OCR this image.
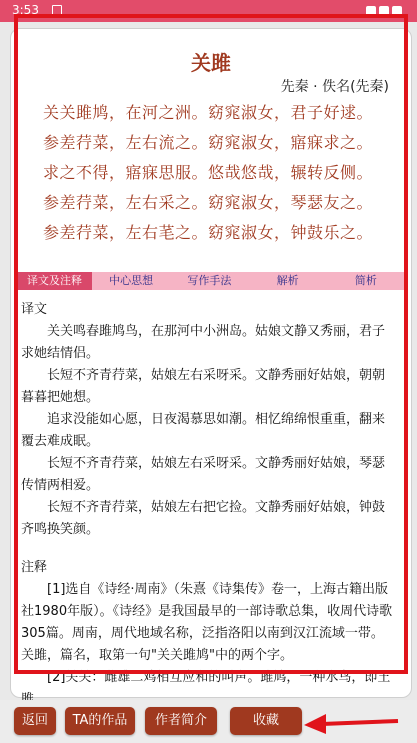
3:53
关雎
先秦 · 佚名(先秦)
关关雎鸠，在河之洲。窈窕淑女，君子好逑。
参差荇菜，左右流之。窈窕淑女，寤寐求之。
求之不得，寤寐思服。悠哉悠哉，辗转反侧。
参差荇菜，左右采之。窈窕淑女，琴瑟友之。
参差荇菜，左右芼之。窈窕淑女，钟鼓乐之。
译文及注释	中心思想	写作手法	解析	简析
译文

关关鸣春雎鸠鸟，在那河中小洲岛。姑娘文静又秀丽，君子求她结情侣。

长短不齐青荇菜，姑娘左右采呀采。文静秀丽好姑娘，朝朝暮暮把她想。

追求没能如心愿，日夜渴慕思如潮。相忆绵绵恨重重，翻来覆去难成眠。

长短不齐青荇菜，姑娘左右采呀采。文静秀丽好姑娘，琴瑟传情两相爱。

长短不齐青荇菜，姑娘左右把它捡。文静秀丽好姑娘，钟鼓齐鸣换笑颜。

注释

[1]选自《诗经·周南》（朱熹《诗集传》卷一，上海古籍出版社1980年版）。《诗经》是我国最早的一部诗歌总集，收周代诗歌305篇。周南，周代地域名称，泛指洛阳以南到汉江流域一带。关雎，篇名，取第一句"关关雎鸠"中的两个字。

[2]关关：雌雄二鸡相互应和的叫声。雎鸠，一种水鸟，即王

返回	TA的作品	作者简介	收藏
